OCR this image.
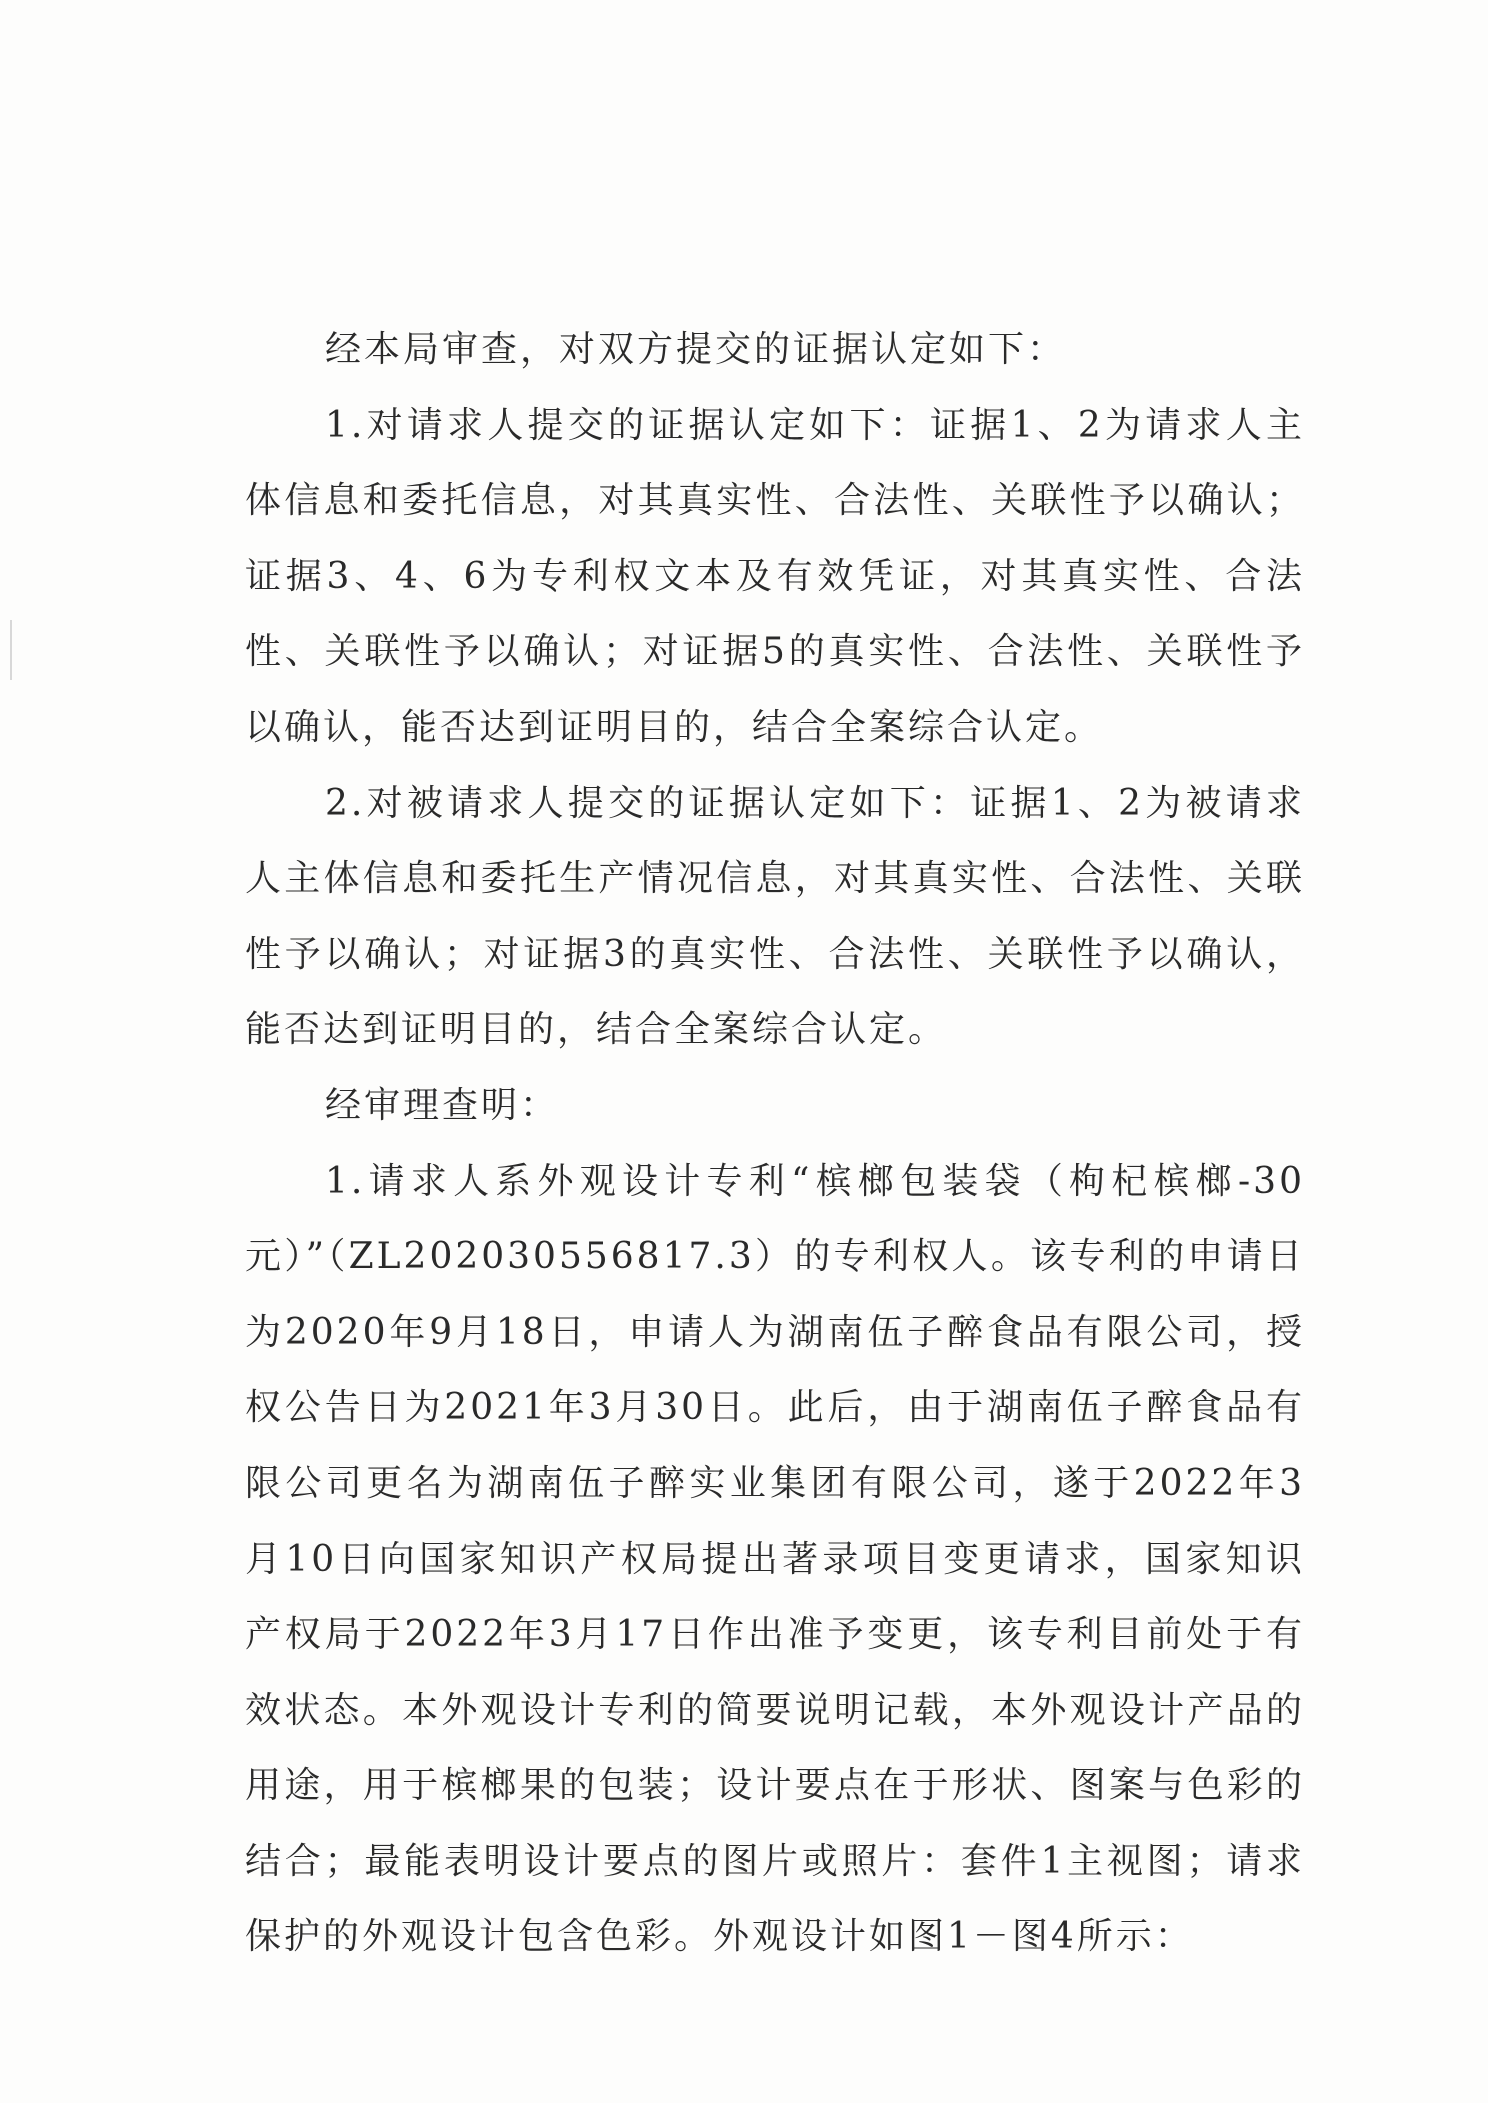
经本局审查，对双方提交的证据认定如下：

1.对请求人提交的证据认定如下：证据1、2为请求人主体信息和委托信息，对其真实性、合法性、关联性予以确认；证据3、4、6为专利权文本及有效凭证，对其真实性、合法性、关联性予以确认；对证据5的真实性、合法性、关联性予以确认，能否达到证明目的，结合全案综合认定。

2.对被请求人提交的证据认定如下：证据1、2为被请求人主体信息和委托生产情况信息，对其真实性、合法性、关联性予以确认；对证据3的真实性、合法性、关联性予以确认，能否达到证明目的，结合全案综合认定。

经审理查明：

1.请求人系外观设计专利“槟榔包装袋（枸杞槟榔-30元）”（ZL202030556817.3）的专利权人。该专利的申请日为2020年9月18日，申请人为湖南伍子醉食品有限公司，授权公告日为2021年3月30日。此后，由于湖南伍子醉食品有限公司更名为湖南伍子醉实业集团有限公司，遂于2022年3月10日向国家知识产权局提出著录项目变更请求，国家知识产权局于2022年3月17日作出准予变更，该专利目前处于有效状态。本外观设计专利的简要说明记载，本外观设计产品的用途，用于槟榔果的包装；设计要点在于形状、图案与色彩的结合；最能表明设计要点的图片或照片：套件1主视图；请求保护的外观设计包含色彩。外观设计如图1－图4所示：
